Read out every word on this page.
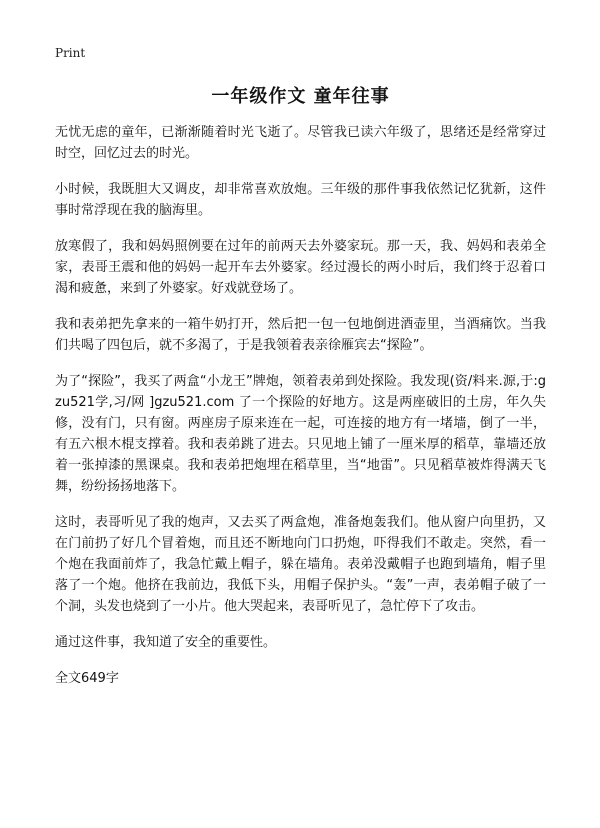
Print
一年级作文 童年往事

无忧无虑的童年，已渐渐随着时光飞逝了。尽管我已读六年级了，思绪还是经常穿过时空，回忆过去的时光。

小时候，我既胆大又调皮，却非常喜欢放炮。三年级的那件事我依然记忆犹新，这件事时常浮现在我的脑海里。

放寒假了，我和妈妈照例要在过年的前两天去外婆家玩。那一天，我、妈妈和表弟全家，表哥王震和他的妈妈一起开车去外婆家。经过漫长的两小时后，我们终于忍着口渴和疲惫，来到了外婆家。好戏就登场了。

我和表弟把先拿来的一箱牛奶打开，然后把一包一包地倒进酒壶里，当酒痛饮。当我们共喝了四包后，就不多渴了，于是我领着表亲徐雁宾去“探险”。

为了“探险”，我买了两盒“小龙王”牌炮，领着表弟到处探险。我发现(资/料来.源,于:gzu521学,习/网 ]gzu521.com 了一个探险的好地方。这是两座破旧的土房，年久失修，没有门，只有窗。两座房子原来连在一起，可连接的地方有一堵墙，倒了一半，有五六根木棍支撑着。我和表弟跳了进去。只见地上铺了一厘米厚的稻草，靠墙还放着一张掉漆的黑课桌。我和表弟把炮埋在稻草里，当“地雷”。只见稻草被炸得满天飞舞，纷纷扬扬地落下。

这时，表哥听见了我的炮声，又去买了两盒炮，准备炮轰我们。他从窗户向里扔，又在门前扔了好几个冒着炮，而且还不断地向门口扔炮，吓得我们不敢走。突然，看一个炮在我面前炸了，我急忙戴上帽子，躲在墙角。表弟没戴帽子也跑到墙角，帽子里落了一个炮。他挤在我前边，我低下头，用帽子保护头。“轰”一声，表弟帽子破了一个洞，头发也烧到了一小片。他大哭起来，表哥听见了，急忙停下了攻击。

通过这件事，我知道了安全的重要性。

全文649字
